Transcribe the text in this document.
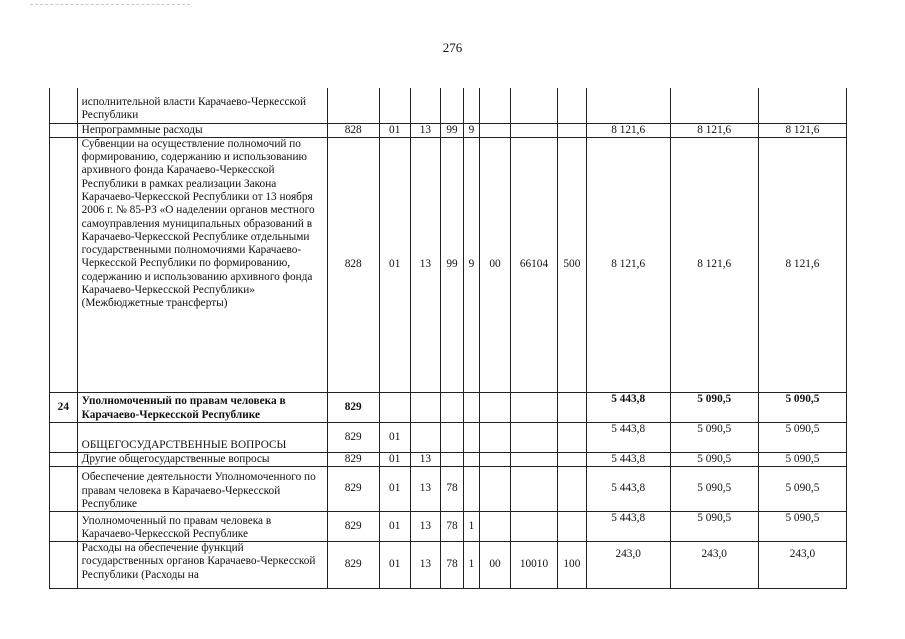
276
	исполнительной власти Карачаево-Черкесской Республики											
	Непрограммные расходы	828	01	13	99	9				8 121,6	8 121,6	8 121,6
	Субвенции на осуществление полномочий по формированию, содержанию и использованию архивного фонда Карачаево-Черкесской Республики в рамках реализации Закона Карачаево-Черкесской Республики от 13 ноября 2006 г. № 85-РЗ «О наделении органов местного самоуправления муниципальных образований в Карачаево-Черкесской Республике отдельными государственными полномочиями Карачаево-Черкесской Республики по формированию, содержанию и использованию архивного фонда Карачаево-Черкесской Республики» (Межбюджетные трансферты)	828	01	13	99	9	00	66104	500	8 121,6	8 121,6	8 121,6
24	Уполномоченный по правам человека в Карачаево-Черкесской Республике	829								5 443,8	5 090,5	5 090,5
	ОБЩЕГОСУДАРСТВЕННЫЕ ВОПРОСЫ	829	01							5 443,8	5 090,5	5 090,5
	Другие общегосударственные вопросы	829	01	13						5 443,8	5 090,5	5 090,5
	Обеспечение деятельности Уполномоченного по правам человека в Карачаево-Черкесской Республике	829	01	13	78					5 443,8	5 090,5	5 090,5
	Уполномоченный по правам человека в Карачаево-Черкесской Республике	829	01	13	78	1				5 443,8	5 090,5	5 090,5
	Расходы на обеспечение функций государственных органов Карачаево-Черкесской Республики (Расходы на	829	01	13	78	1	00	10010	100	243,0	243,0	243,0
